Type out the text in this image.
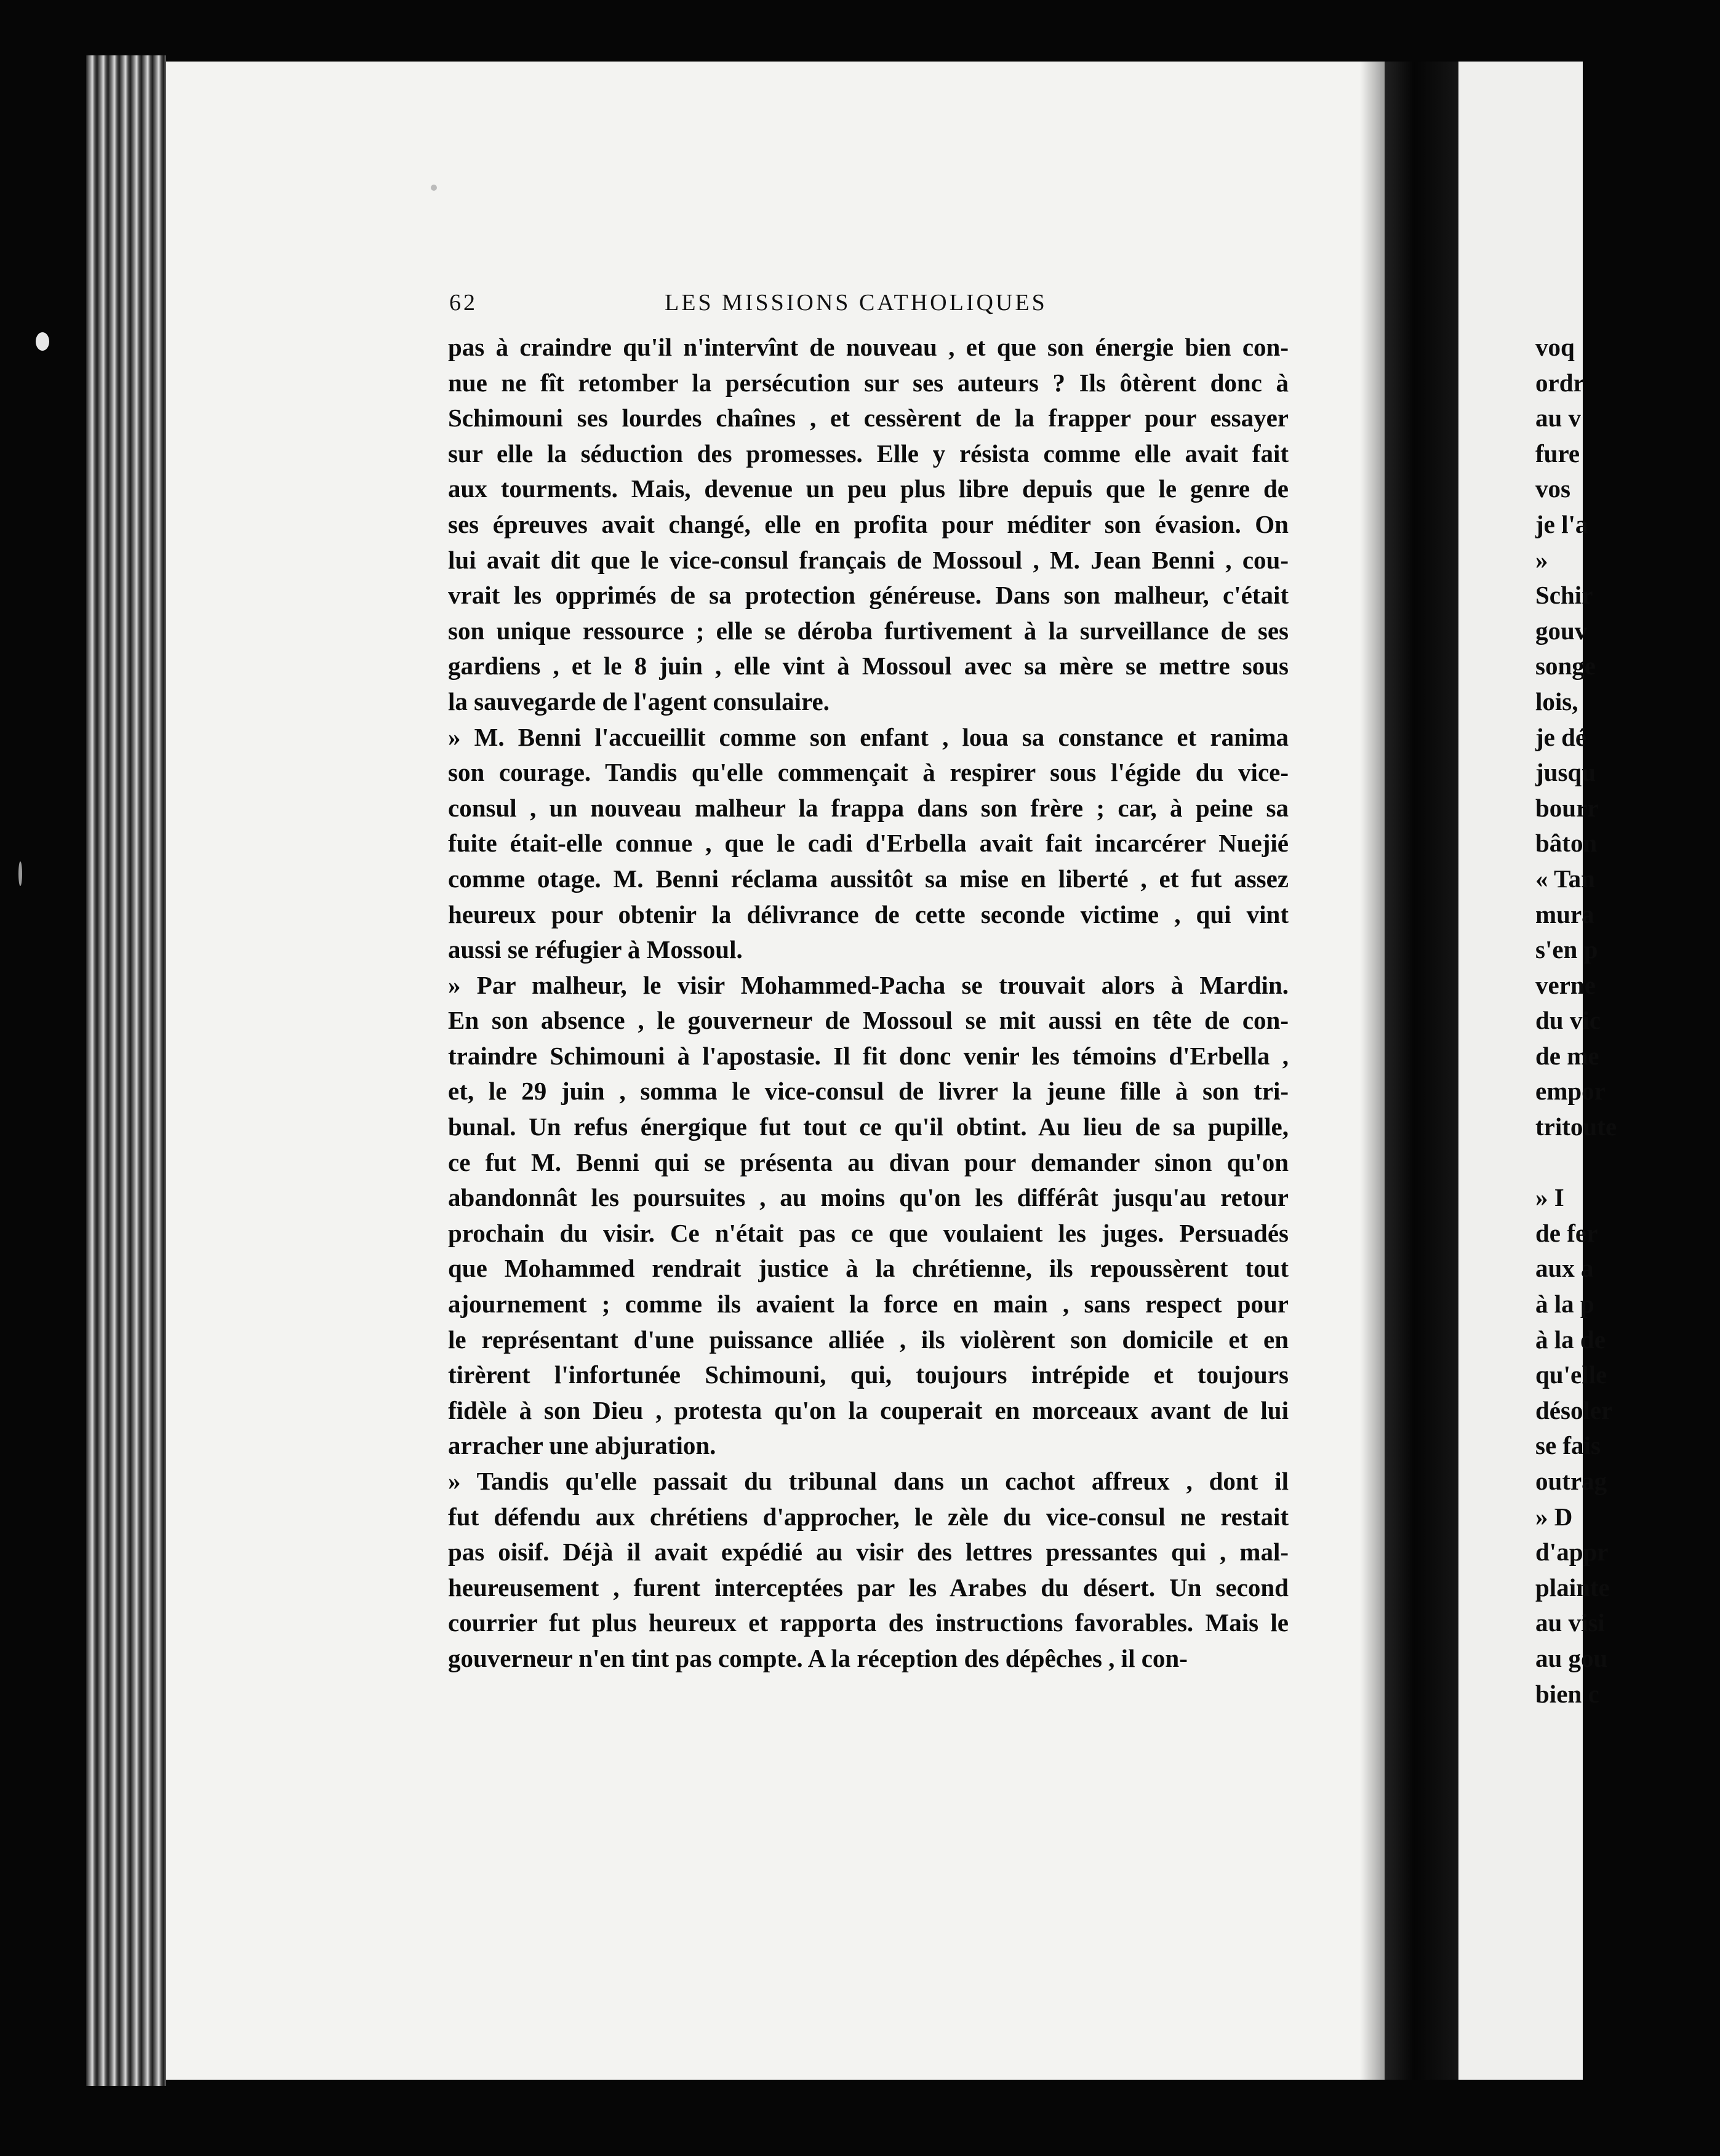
62	LES MISSIONS CATHOLIQUES
pas à craindre qu'il n'intervînt de nouveau , et que son énergie bien con-
nue ne fît retomber la persécution sur ses auteurs ? Ils ôtèrent donc à
Schimouni ses lourdes chaînes , et cessèrent de la frapper pour essayer
sur elle la séduction des promesses. Elle y résista comme elle avait fait
aux tourments. Mais, devenue un peu plus libre depuis que le genre de
ses épreuves avait changé, elle en profita pour méditer son évasion. On
lui avait dit que le vice-consul français de Mossoul , M. Jean Benni , cou-
vrait les opprimés de sa protection généreuse. Dans son malheur, c'était
son unique ressource ; elle se déroba furtivement à la surveillance de ses
gardiens , et le 8 juin , elle vint à Mossoul avec sa mère se mettre sous
la sauvegarde de l'agent consulaire.
» M. Benni l'accueillit comme son enfant , loua sa constance et ranima
son courage. Tandis qu'elle commençait à respirer sous l'égide du vice-
consul , un nouveau malheur la frappa dans son frère ; car, à peine sa
fuite était-elle connue , que le cadi d'Erbella avait fait incarcérer Nuejié
comme otage. M. Benni réclama aussitôt sa mise en liberté , et fut assez
heureux pour obtenir la délivrance de cette seconde victime , qui vint
aussi se réfugier à Mossoul.
» Par malheur, le visir Mohammed-Pacha se trouvait alors à Mardin.
En son absence , le gouverneur de Mossoul se mit aussi en tête de con-
traindre Schimouni à l'apostasie. Il fit donc venir les témoins d'Erbella ,
et, le 29 juin , somma le vice-consul de livrer la jeune fille à son tri-
bunal. Un refus énergique fut tout ce qu'il obtint. Au lieu de sa pupille,
ce fut M. Benni qui se présenta au divan pour demander sinon qu'on
abandonnât les poursuites , au moins qu'on les différât jusqu'au retour
prochain du visir. Ce n'était pas ce que voulaient les juges. Persuadés
que Mohammed rendrait justice à la chrétienne, ils repoussèrent tout
ajournement ; comme ils avaient la force en main , sans respect pour
le représentant d'une puissance alliée , ils violèrent son domicile et en
tirèrent l'infortunée Schimouni, qui, toujours intrépide et toujours
fidèle à son Dieu , protesta qu'on la couperait en morceaux avant de lui
arracher une abjuration.
» Tandis qu'elle passait du tribunal dans un cachot affreux , dont il
fut défendu aux chrétiens d'approcher, le zèle du vice-consul ne restait
pas oisif. Déjà il avait expédié au visir des lettres pressantes qui , mal-
heureusement , furent interceptées par les Arabes du désert. Un second
courrier fut plus heureux et rapporta des instructions favorables. Mais le
gouverneur n'en tint pas compte. A la réception des dépêches , il con-
voq
ordr
au v
fure
vos
je l'a
»
Schir
gouv
songe
lois,
je dé
jusqu
bourr
bâton
« Tan
mura
s'en p
verne
du vic
de me
empor
tritoute
» I
de fer
aux a
à la p
à la de
qu'elle
désoler
se fais
outrag
» D
d'appr
plainte
au visi
au gou
bien c
